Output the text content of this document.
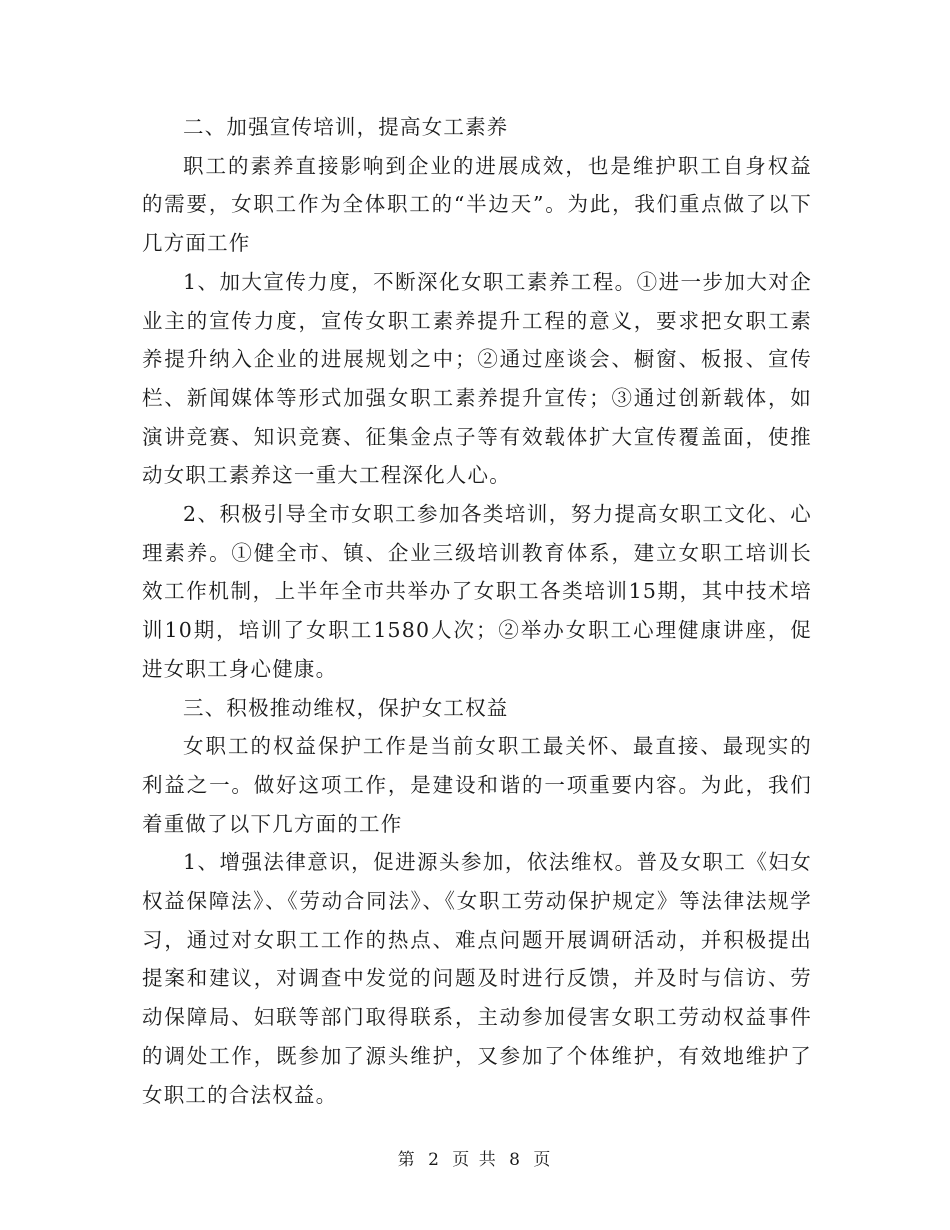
二、加强宣传培训，提高女工素养

职工的素养直接影响到企业的进展成效，也是维护职工自身权益的需要，女职工作为全体职工的“半边天”。为此，我们重点做了以下几方面工作

1、加大宣传力度，不断深化女职工素养工程。①进一步加大对企业主的宣传力度，宣传女职工素养提升工程的意义，要求把女职工素养提升纳入企业的进展规划之中；②通过座谈会、橱窗、板报、宣传栏、新闻媒体等形式加强女职工素养提升宣传；③通过创新载体，如演讲竞赛、知识竞赛、征集金点子等有效载体扩大宣传覆盖面，使推动女职工素养这一重大工程深化人心。

2、积极引导全市女职工参加各类培训，努力提高女职工文化、心理素养。①健全市、镇、企业三级培训教育体系，建立女职工培训长效工作机制，上半年全市共举办了女职工各类培训15期，其中技术培训10期，培训了女职工1580人次；②举办女职工心理健康讲座，促进女职工身心健康。

三、积极推动维权，保护女工权益

女职工的权益保护工作是当前女职工最关怀、最直接、最现实的利益之一。做好这项工作，是建设和谐的一项重要内容。为此，我们着重做了以下几方面的工作

1、增强法律意识，促进源头参加，依法维权。普及女职工《妇女权益保障法》、《劳动合同法》、《女职工劳动保护规定》等法律法规学习，通过对女职工工作的热点、难点问题开展调研活动，并积极提出提案和建议，对调查中发觉的问题及时进行反馈，并及时与信访、劳动保障局、妇联等部门取得联系，主动参加侵害女职工劳动权益事件的调处工作，既参加了源头维护，又参加了个体维护，有效地维护了女职工的合法权益。

第 2 页 共 8 页
